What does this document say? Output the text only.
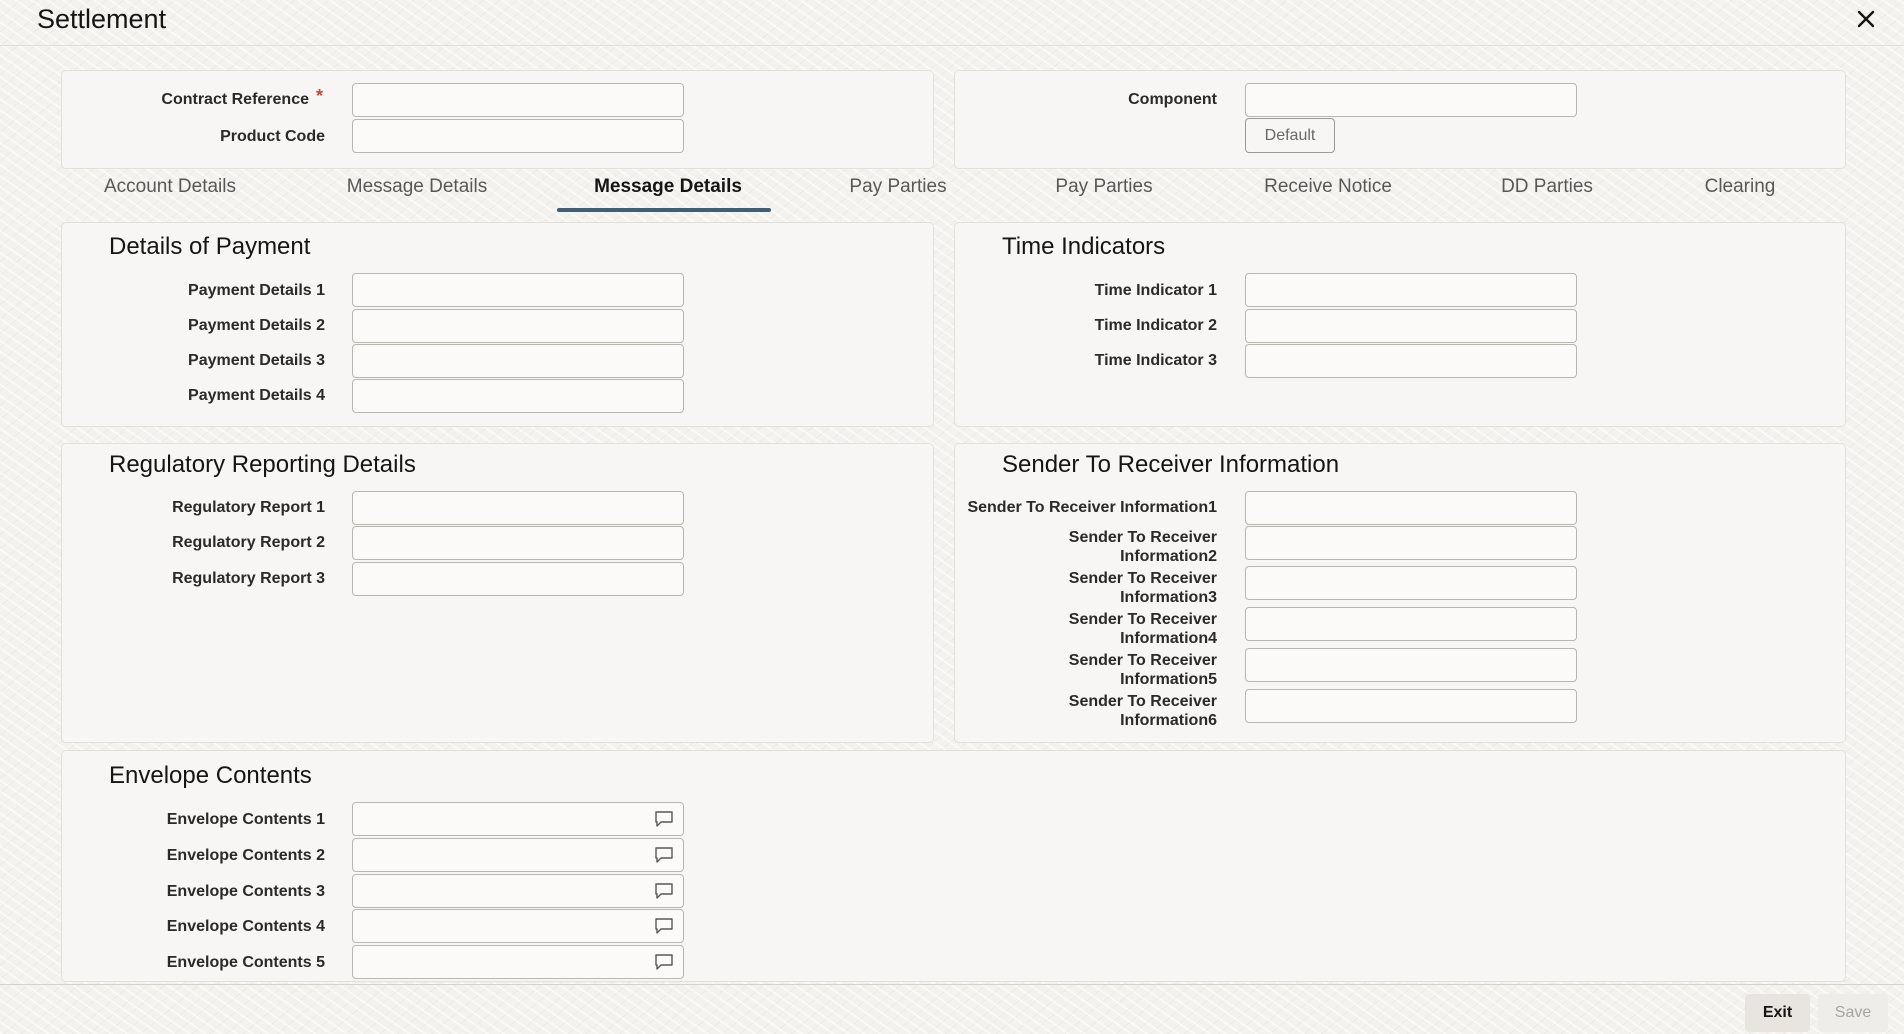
Settlement
Contract Reference *
Product Code
Component
Default
Account Details	Message Details	Message Details	Pay Parties	Pay Parties	Receive Notice	DD Parties	Clearing
Details of Payment
Payment Details 1
Payment Details 2
Payment Details 3
Payment Details 4
Time Indicators
Time Indicator 1
Time Indicator 2
Time Indicator 3
Regulatory Reporting Details
Regulatory Report 1
Regulatory Report 2
Regulatory Report 3
Sender To Receiver Information
Sender To Receiver Information1
Sender To Receiver
Information2
Sender To Receiver
Information3
Sender To Receiver
Information4
Sender To Receiver
Information5
Sender To Receiver
Information6
Envelope Contents
Envelope Contents 1
Envelope Contents 2
Envelope Contents 3
Envelope Contents 4
Envelope Contents 5
Exit	Save
